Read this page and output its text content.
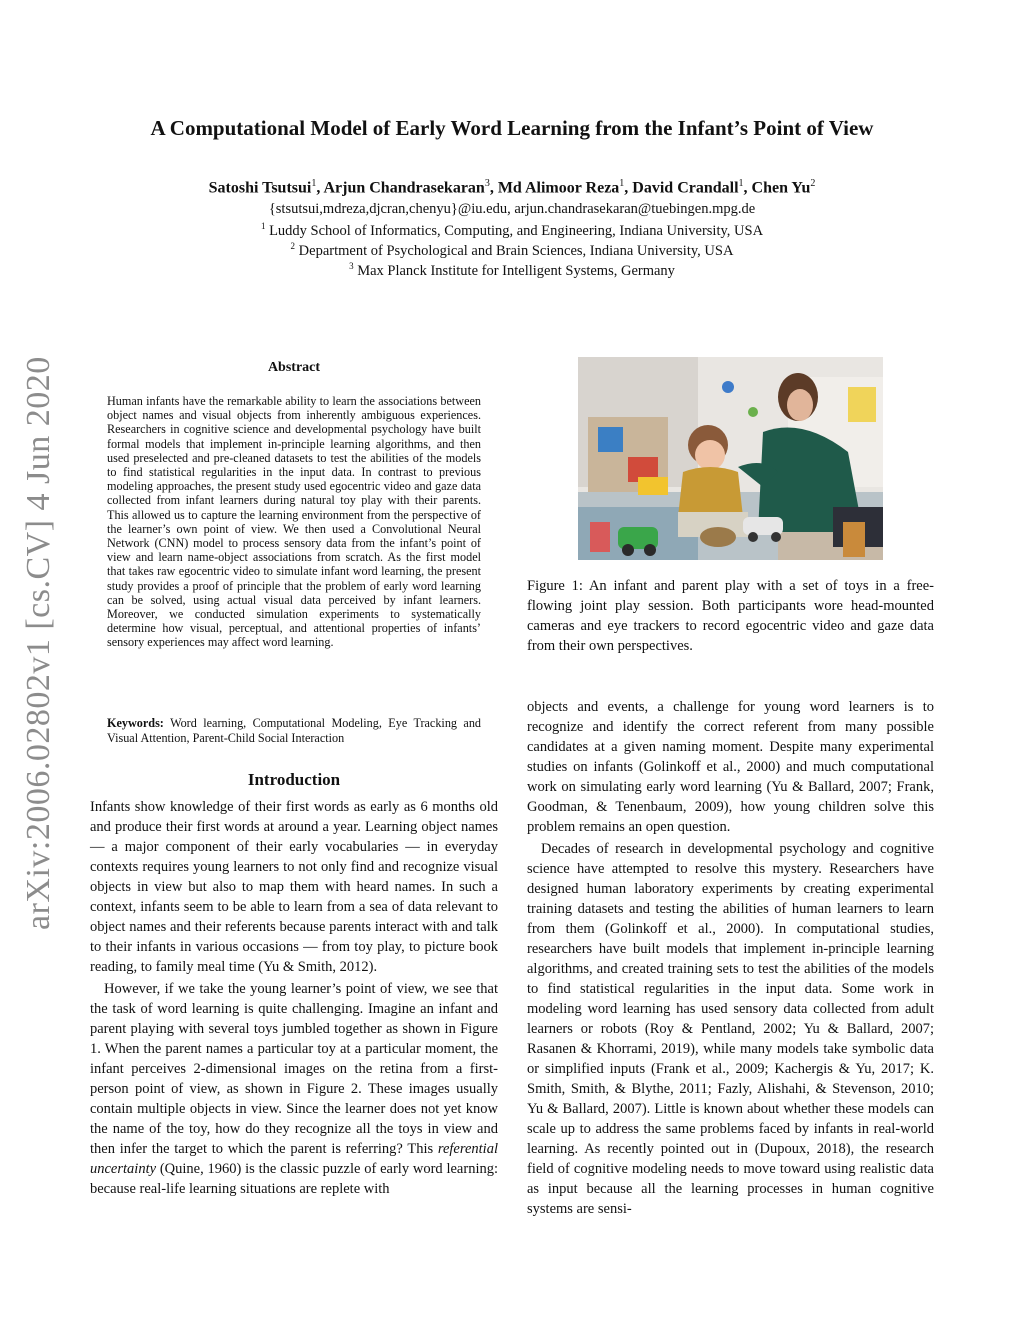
A Computational Model of Early Word Learning from the Infant’s Point of View
Satoshi Tsutsui$^1$, Arjun Chandrasekaran$^3$, Md Alimoor Reza$^1$, David Crandall$^1$, Chen Yu$^2$
{stsutsui,mdreza,djcran,chenyu}@iu.edu, arjun.chandrasekaran@tuebingen.mpg.de
$^1$ Luddy School of Informatics, Computing, and Engineering, Indiana University, USA
$^2$ Department of Psychological and Brain Sciences, Indiana University, USA
$^3$ Max Planck Institute for Intelligent Systems, Germany
arXiv:2006.02802v1 [cs.CV] 4 Jun 2020	Abstract
Human infants have the remarkable ability to learn the associations between object names and visual objects from inherently ambiguous experiences. Researchers in cognitive science and developmental psychology have built formal models that implement in-principle learning algorithms, and then used preselected and pre-cleaned datasets to test the abilities of the models to find statistical regularities in the input data. In contrast to previous modeling approaches, the present study used egocentric video and gaze data collected from infant learners during natural toy play with their parents. This allowed us to capture the learning environment from the perspective of the learner’s own point of view. We then used a Convolutional Neural Network (CNN) model to process sensory data from the infant’s point of view and learn name-object associations from scratch. As the first model that takes raw egocentric video to simulate infant word learning, the present study provides a proof of principle that the problem of early word learning can be solved, using actual visual data perceived by infant learners. Moreover, we conducted simulation experiments to systematically determine how visual, perceptual, and attentional properties of infants’ sensory experiences may affect word learning.
Keywords: Word learning, Computational Modeling, Eye Tracking and Visual Attention, Parent-Child Social Interaction
Introduction

Infants show knowledge of their first words as early as 6 months old and produce their first words at around a year. Learning object names — a major component of their early vocabularies — in everyday contexts requires young learners to not only find and recognize visual objects in view but also to map them with heard names. In such a context, infants seem to be able to learn from a sea of data relevant to object names and their referents because parents interact with and talk to their infants in various occasions — from toy play, to picture book reading, to family meal time (Yu & Smith, 2012).

However, if we take the young learner’s point of view, we see that the task of word learning is quite challenging. Imagine an infant and parent playing with several toys jumbled together as shown in Figure 1. When the parent names a particular toy at a particular moment, the infant perceives 2-dimensional images on the retina from a first-person point of view, as shown in Figure 2. These images usually contain multiple objects in view. Since the learner does not yet know the name of the toy, how do they recognize all the toys in view and then infer the target to which the parent is referring? This referential uncertainty (Quine, 1960) is the classic puzzle of early word learning: because real-life learning situations are replete with

Figure 1: An infant and parent play with a set of toys in a free-flowing joint play session. Both participants wore head-mounted cameras and eye trackers to record egocentric video and gaze data from their own perspectives.

objects and events, a challenge for young word learners is to recognize and identify the correct referent from many possible candidates at a given naming moment. Despite many experimental studies on infants (Golinkoff et al., 2000) and much computational work on simulating early word learning (Yu & Ballard, 2007; Frank, Goodman, & Tenenbaum, 2009), how young children solve this problem remains an open question.

Decades of research in developmental psychology and cognitive science have attempted to resolve this mystery. Researchers have designed human laboratory experiments by creating experimental training datasets and testing the abilities of human learners to learn from them (Golinkoff et al., 2000). In computational studies, researchers have built models that implement in-principle learning algorithms, and created training sets to test the abilities of the models to find statistical regularities in the input data. Some work in modeling word learning has used sensory data collected from adult learners or robots (Roy & Pentland, 2002; Yu & Ballard, 2007; Rasanen & Khorrami, 2019), while many models take symbolic data or simplified inputs (Frank et al., 2009; Kachergis & Yu, 2017; K. Smith, Smith, & Blythe, 2011; Fazly, Alishahi, & Stevenson, 2010; Yu & Ballard, 2007). Little is known about whether these models can scale up to address the same problems faced by infants in real-world learning. As recently pointed out in (Dupoux, 2018), the research field of cognitive modeling needs to move toward using realistic data as input because all the learning processes in human cognitive systems are sensi-
